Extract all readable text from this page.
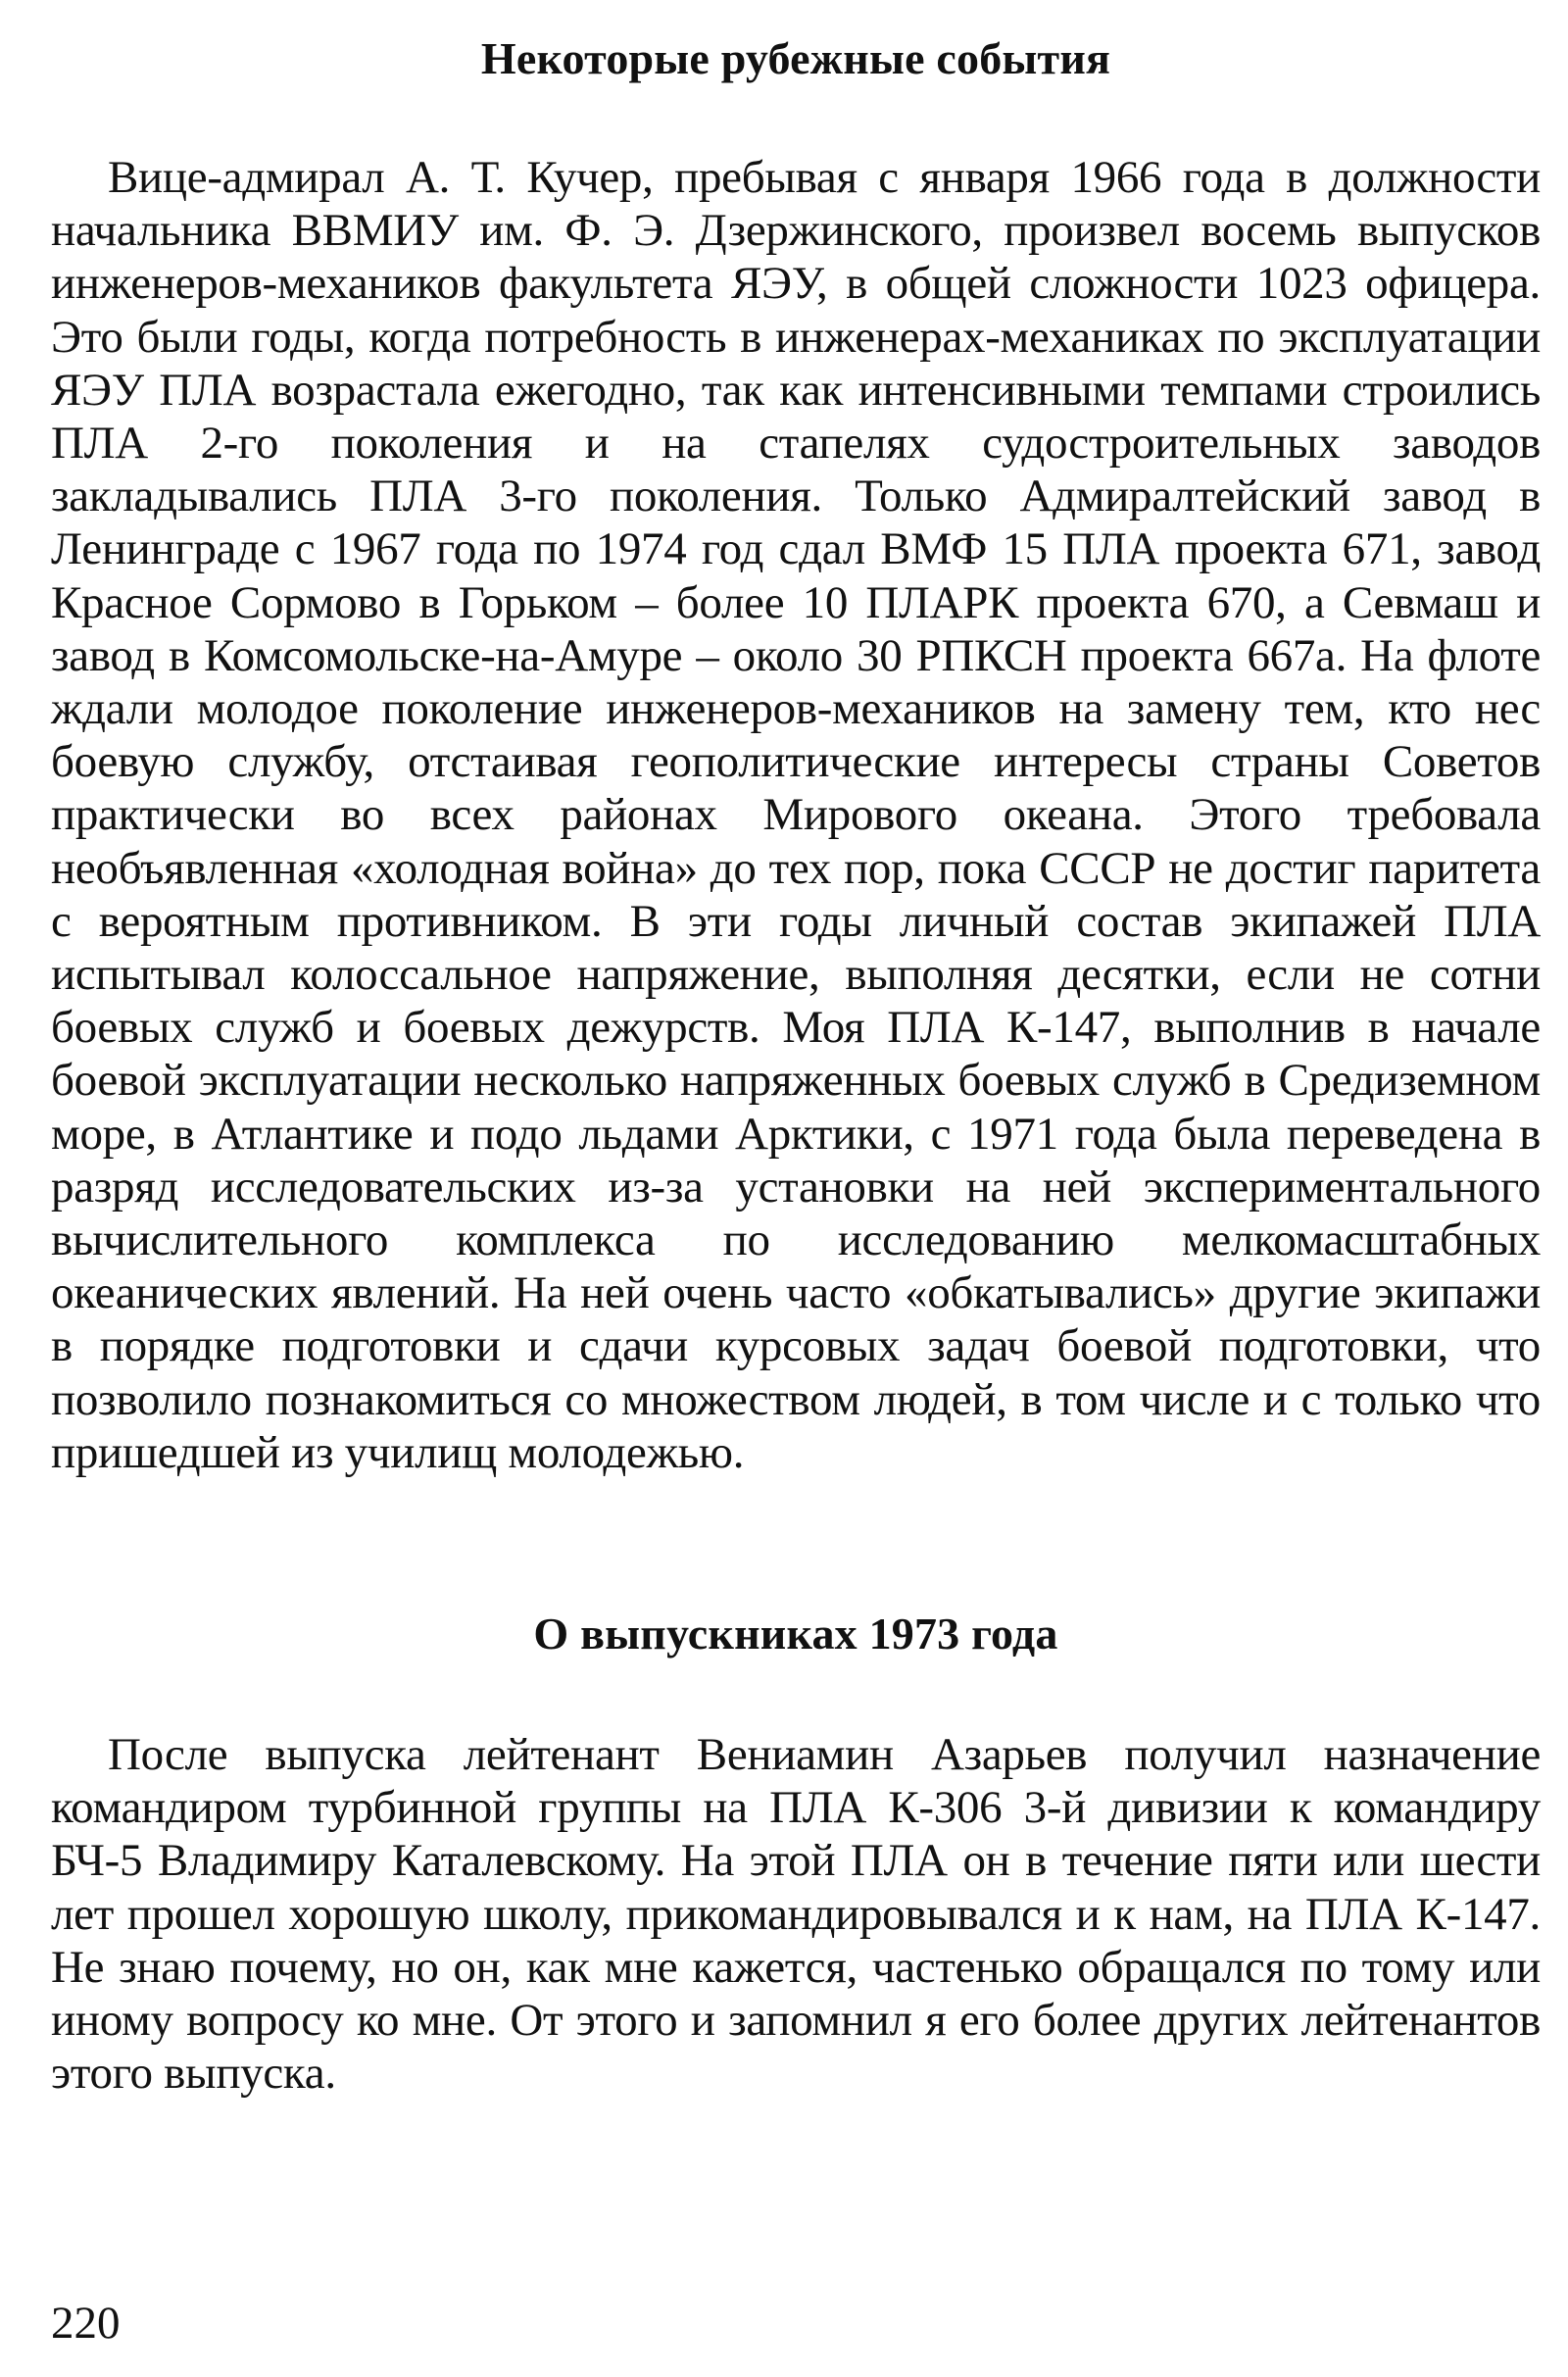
Некоторые рубежные события

Вице-адмирал А. Т. Кучер, пребывая с января 1966 года в должности начальника ВВМИУ им. Ф. Э. Дзержинского, произвел восемь выпусков инженеров-механиков факультета ЯЭУ, в общей сложности 1023 офицера. Это были годы, когда потребность в инженерах-механиках по эксплуатации ЯЭУ ПЛА возрастала ежегодно, так как интенсивными темпами строились ПЛА 2-го поколения и на стапелях судостроительных заводов закладывались ПЛА 3-го поколения. Только Адмиралтейский завод в Ленинграде с 1967 года по 1974 год сдал ВМФ 15 ПЛА проекта 671, завод Красное Сормово в Горьком – более 10 ПЛАРК проекта 670, а Севмаш и завод в Комсомольске-на-Амуре – около 30 РПКСН проекта 667а. На флоте ждали молодое поколение инженеров-механиков на замену тем, кто нес боевую службу, отстаивая геополитические интересы страны Советов практически во всех районах Мирового океана. Этого требовала необъявленная «холодная война» до тех пор, пока СССР не достиг паритета с вероятным противником. В эти годы личный состав экипажей ПЛА испытывал колоссальное напряжение, выполняя десятки, если не сотни боевых служб и боевых дежурств. Моя ПЛА К-147, выполнив в начале боевой эксплуатации несколько напряженных боевых служб в Средиземном море, в Атлантике и подо льдами Арктики, с 1971 года была переведена в разряд исследовательских из-за установки на ней экспериментального вычислительного комплекса по исследованию мелкомасштабных океанических явлений. На ней очень часто «обкатывались» другие экипажи в порядке подготовки и сдачи курсовых задач боевой подготовки, что позволило познакомиться со множеством людей, в том числе и с только что пришедшей из училищ молодежью.

О выпускниках 1973 года

После выпуска лейтенант Вениамин Азарьев получил назначение командиром турбинной группы на ПЛА К-306 3-й дивизии к командиру БЧ-5 Владимиру Каталевскому. На этой ПЛА он в течение пяти или шести лет прошел хорошую школу, прикомандировывался и к нам, на ПЛА К-147. Не знаю почему, но он, как мне кажется, частенько обращался по тому или иному вопросу ко мне. От этого и запомнил я его более других лейтенантов этого выпуска.

220
